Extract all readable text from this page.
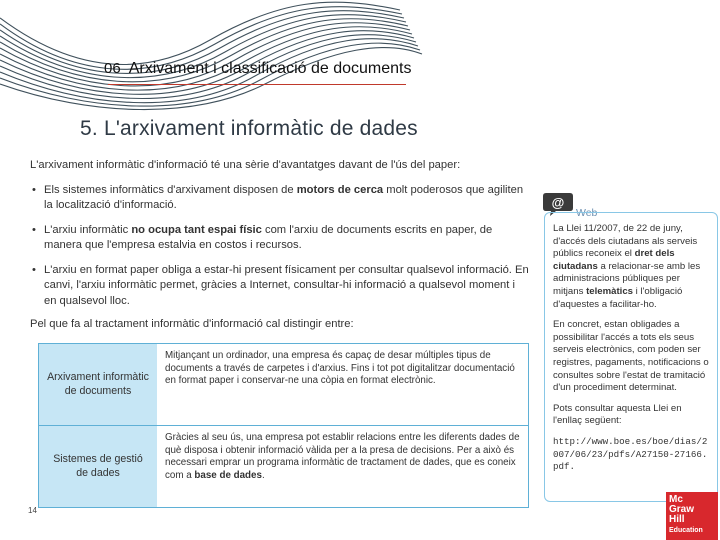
06 Arxivament i classificació de documents
5. L'arxivament informàtic de dades

L'arxivament informàtic d'informació té una sèrie d'avantatges davant de l'ús del paper:

• Els sistemes informàtics d'arxivament disposen de motors de cerca molt poderosos que agiliten la localització d'informació.
• L'arxiu informàtic no ocupa tant espai físic com l'arxiu de documents escrits en paper, de manera que l'empresa estalvia en costos i recursos.
• L'arxiu en format paper obliga a estar-hi present físicament per consultar qualsevol informació. En canvi, l'arxiu informàtic permet, gràcies a Internet, consultar-hi informació a qualsevol moment i en qualsevol lloc.

Pel que fa al tractament informàtic d'informació cal distingir entre:

Arxivament informàtic de documents
Mitjançant un ordinador, una empresa és capaç de desar múltiples tipus de documents a través de carpetes i d'arxius. Fins i tot pot digitalitzar documentació en format paper i conservar-ne una còpia en format electrònic.
Sistemes de gestió de dades
Gràcies al seu ús, una empresa pot establir relacions entre les diferents dades de què disposa i obtenir informació vàlida per a la presa de decisions. Per a això és necessari emprar un programa informàtic de tractament de dades, que es coneix com a base de dades.
@
Web

La Llei 11/2007, de 22 de juny, d'accés dels ciutadans als serveis públics reconeix el dret dels ciutadans a relacionar-se amb les administracions públiques per mitjans telemàtics i l'obligació d'aquestes a facilitar-ho.

En concret, estan obligades a possibilitar l'accés a tots els seus serveis electrònics, com poden ser registres, pagaments, notificacions o consultes sobre l'estat de tramitació d'un procediment determinat.

Pots consultar aquesta Llei en l'enllaç següent:

http://www.boe.es/boe/dias/2007/06/23/pdfs/A27150-27166.pdf.

14
Mc
Graw
Hill
Education
